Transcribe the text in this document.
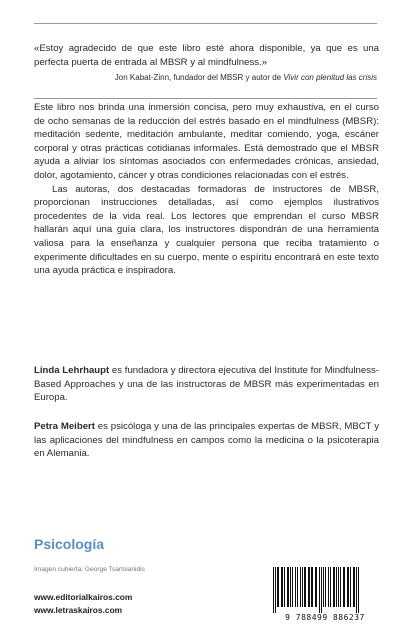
«Estoy agradecido de que este libro esté ahora disponible, ya que es una perfecta puerta de entrada al MBSR y al mindfulness.»
Jon Kabat-Zinn, fundador del MBSR y autor de Vivir con plenitud las crisis

Este libro nos brinda una inmersión concisa, pero muy exhaustiva, en el curso de ocho semanas de la reducción del estrés basado en el mindfulness (MBSR): meditación sedente, meditación ambulante, meditar comiendo, yoga, escáner corporal y otras prácticas cotidianas informales. Está demostrado que el MBSR ayuda a aliviar los síntomas asociados con enfermedades crónicas, ansiedad, dolor, agotamiento, cáncer y otras condiciones relacionadas con el estrés.

Las autoras, dos destacadas formadoras de instructores de MBSR, proporcionan instrucciones detalladas, así como ejemplos ilustrativos procedentes de la vida real. Los lectores que emprendan el curso MBSR hallarán aquí una guía clara, los instructores dispondrán de una herramienta valiosa para la enseñanza y cualquier persona que reciba tratamiento o experimente dificultades en su cuerpo, mente o espíritu encontrará en este texto una ayuda práctica e inspiradora.

Linda Lehrhaupt es fundadora y directora ejecutiva del Institute for Mindfulness-Based Approaches y una de las instructoras de MBSR más experimentadas en Europa.
Petra Meibert es psicóloga y una de las principales expertas de MBSR, MBCT y las aplicaciones del mindfulness en campos como la medicina o la psicoterapia en Alemania.
Psicología
Imagen cubierta: George Tsartsianidis
www.editorialkairos.com
www.letraskairos.com
9 788499 886237
